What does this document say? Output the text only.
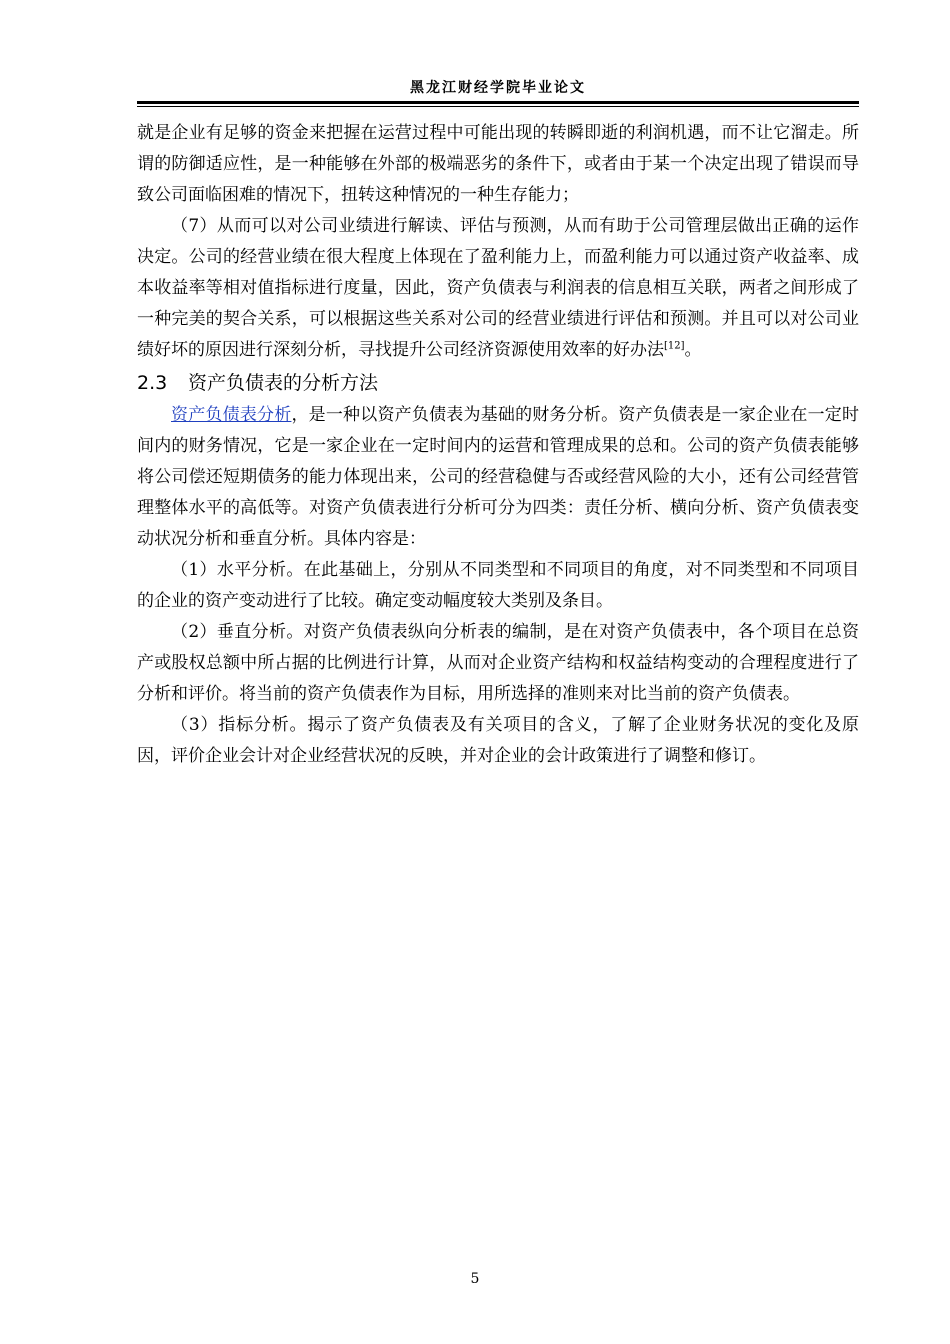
黑龙江财经学院毕业论文

就是企业有足够的资金来把握在运营过程中可能出现的转瞬即逝的利润机遇，而不让它溜走。所谓的防御适应性，是一种能够在外部的极端恶劣的条件下，或者由于某一个决定出现了错误而导致公司面临困难的情况下，扭转这种情况的一种生存能力；

（7）从而可以对公司业绩进行解读、评估与预测，从而有助于公司管理层做出正确的运作决定。公司的经营业绩在很大程度上体现在了盈利能力上，而盈利能力可以通过资产收益率、成本收益率等相对值指标进行度量，因此，资产负债表与利润表的信息相互关联，两者之间形成了一种完美的契合关系，可以根据这些关系对公司的经营业绩进行评估和预测。并且可以对公司业绩好坏的原因进行深刻分析，寻找提升公司经济资源使用效率的好办法[12]。

2.3 资产负债表的分析方法

资产负债表分析，是一种以资产负债表为基础的财务分析。资产负债表是一家企业在一定时间内的财务情况，它是一家企业在一定时间内的运营和管理成果的总和。公司的资产负债表能够将公司偿还短期债务的能力体现出来，公司的经营稳健与否或经营风险的大小，还有公司经营管理整体水平的高低等。对资产负债表进行分析可分为四类：责任分析、横向分析、资产负债表变动状况分析和垂直分析。具体内容是：

（1）水平分析。在此基础上，分别从不同类型和不同项目的角度，对不同类型和不同项目的企业的资产变动进行了比较。确定变动幅度较大类别及条目。

（2）垂直分析。对资产负债表纵向分析表的编制，是在对资产负债表中，各个项目在总资产或股权总额中所占据的比例进行计算，从而对企业资产结构和权益结构变动的合理程度进行了分析和评价。将当前的资产负债表作为目标，用所选择的准则来对比当前的资产负债表。

（3）指标分析。揭示了资产负债表及有关项目的含义，了解了企业财务状况的变化及原因，评价企业会计对企业经营状况的反映，并对企业的会计政策进行了调整和修订。

5
